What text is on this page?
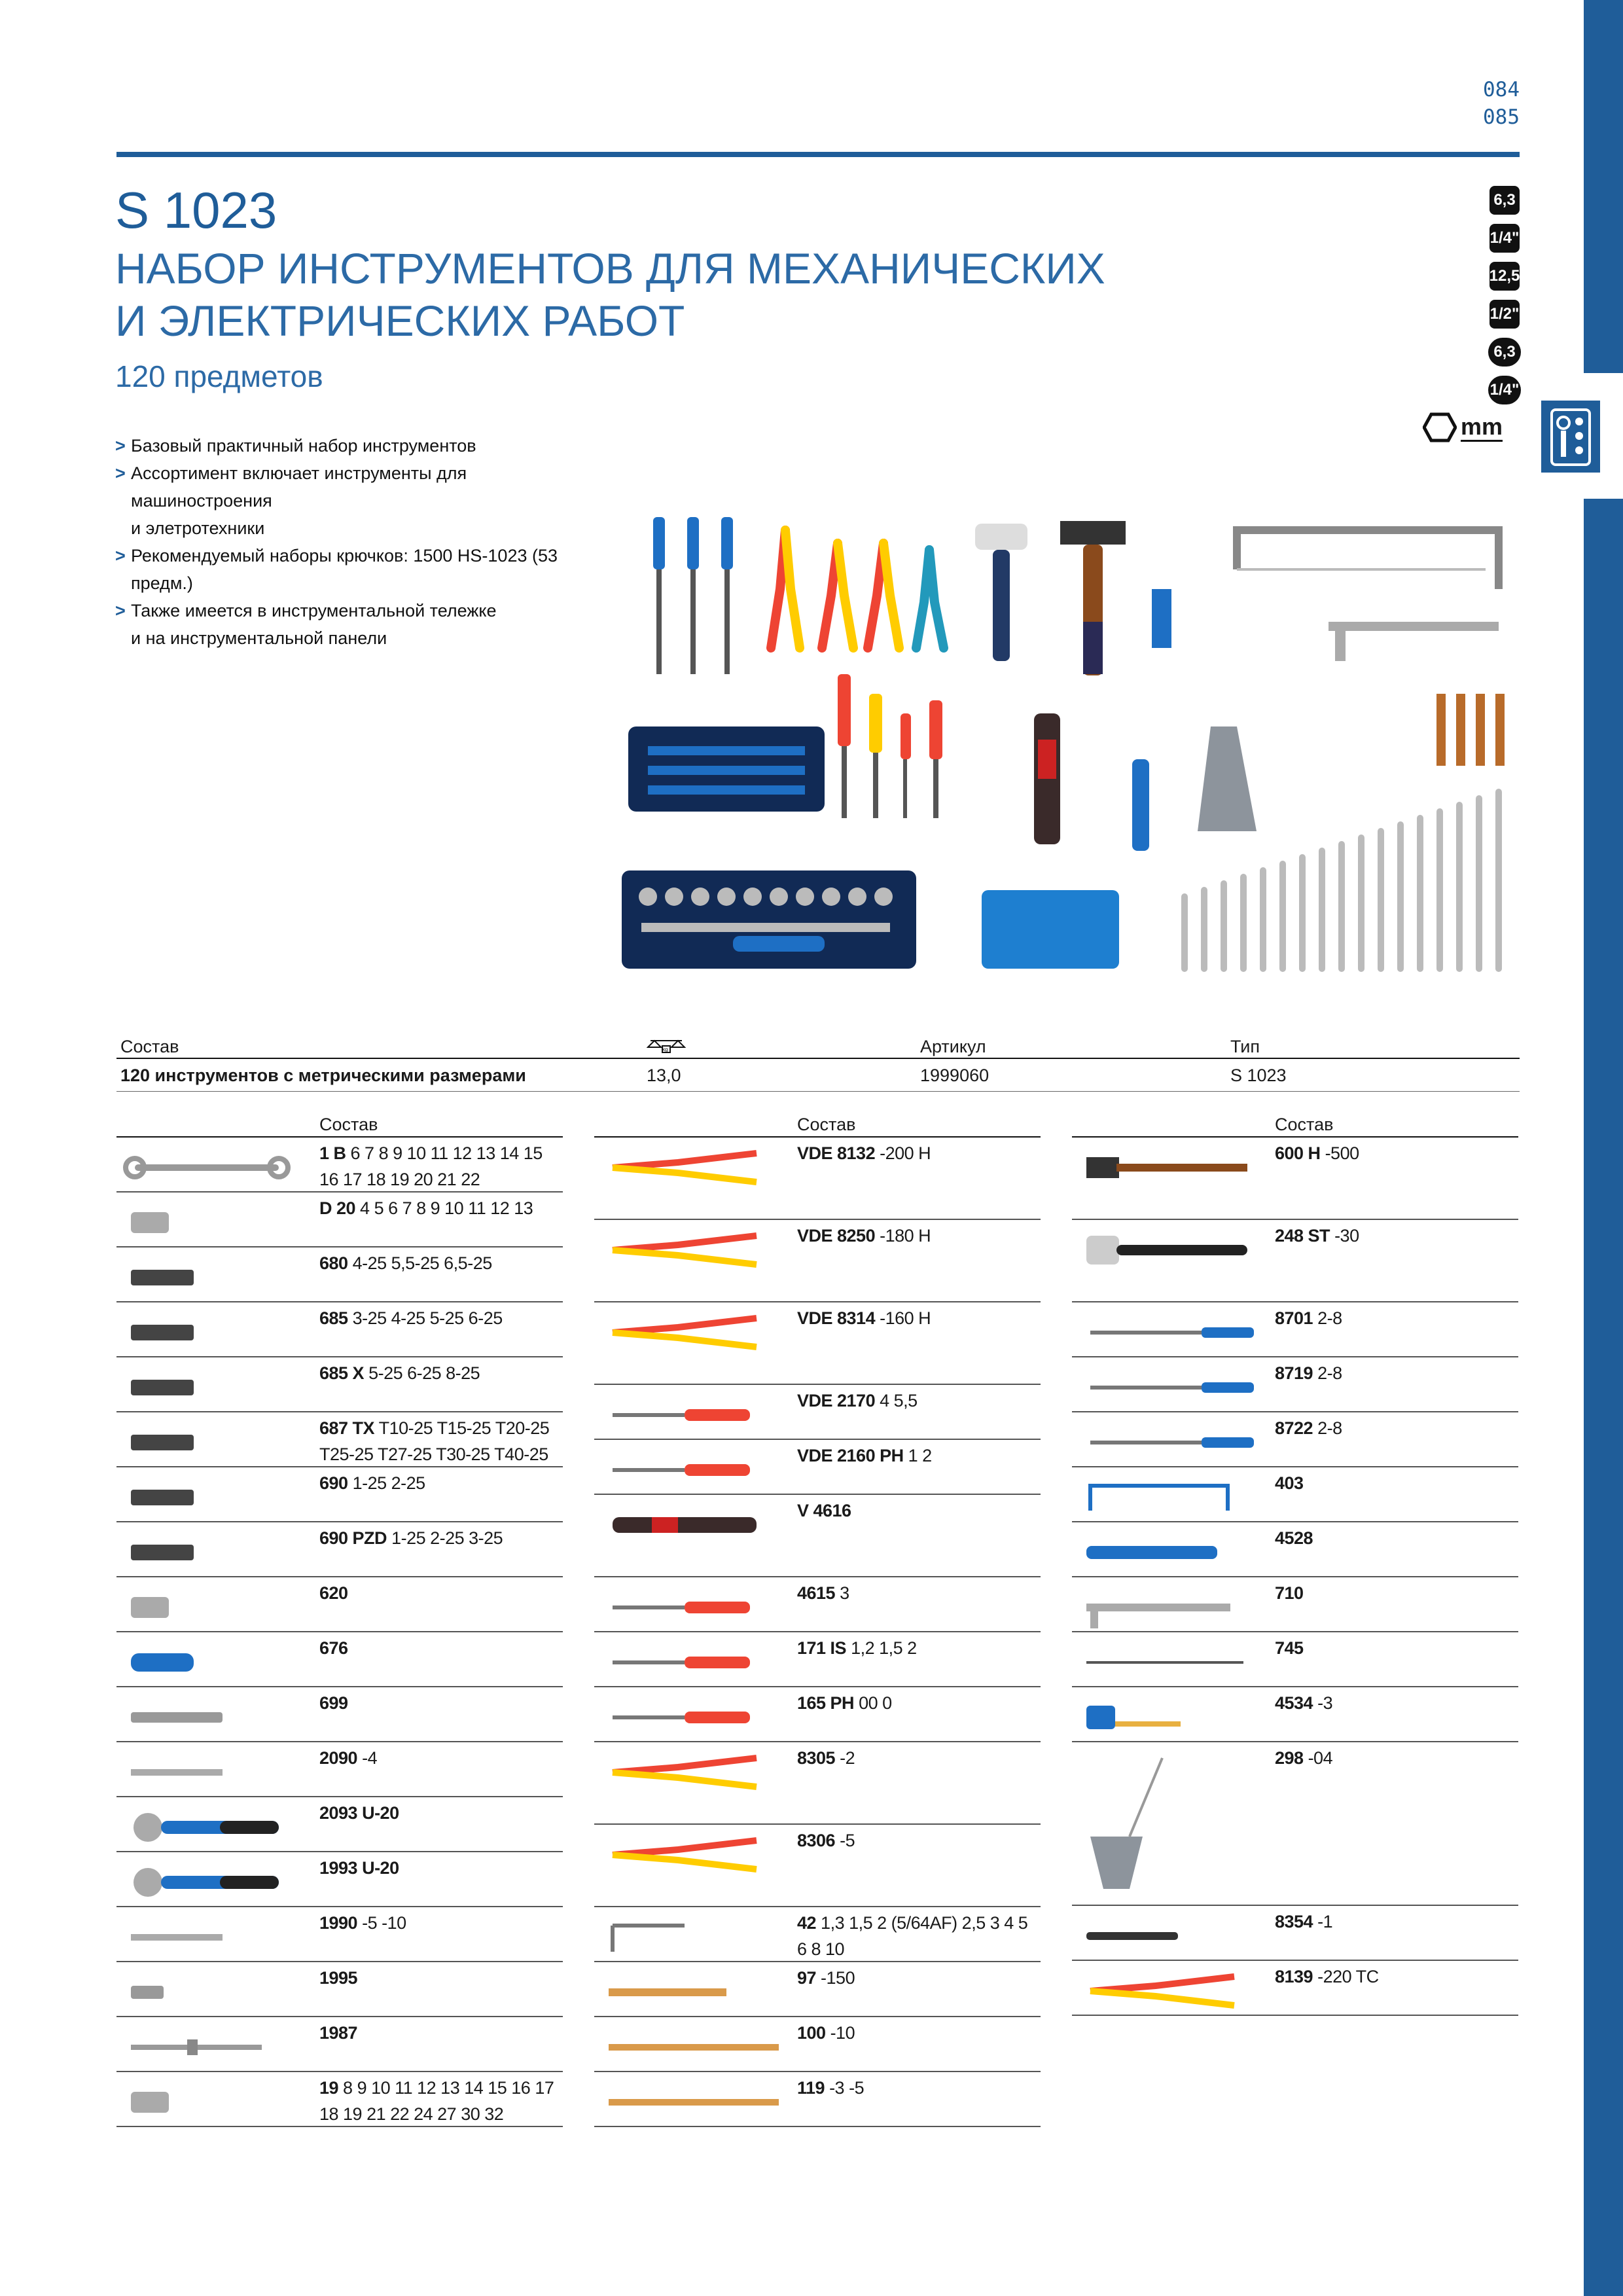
084
085
S 1023
НАБОР ИНСТРУМЕНТОВ ДЛЯ МЕХАНИЧЕСКИХ
И ЭЛЕКТРИЧЕСКИХ РАБОТ
120 предметов
6,3
1/4"
12,5
1/2"
6,3
1/4"
mm
> Базовый практичный набор инструментов
> Ассортимент включает инструменты для машиностроения
и элетротехники
> Рекомендуемый наборы крючков: 1500 HS-1023 (53 предм.)
> Также имеется в инструментальной тележке
и на инструментальной панели
Состав	kg	Артикул	Тип
120 инструментов с метрическими размерами	13,0	1999060	S 1023
Состав
1 B 6 7 8 9 10 11 12 13 14 15 16 17 18 19 20 21 22
D 20 4 5 6 7 8 9 10 11 12 13
680 4-25 5,5-25 6,5-25
685 3-25 4-25 5-25 6-25
685 X 5-25 6-25 8-25
687 TX T10-25 T15-25 T20-25 T25-25 T27-25 T30-25 T40-25
690 1-25 2-25
690 PZD 1-25 2-25 3-25
620
676
699
2090 -4
2093 U-20
1993 U-20
1990 -5 -10
1995
1987
19 8 9 10 11 12 13 14 15 16 17 18 19 21 22 24 27 30 32
Состав
VDE 8132 -200 H
VDE 8250 -180 H
VDE 8314 -160 H
VDE 2170 4 5,5
VDE 2160 PH 1 2
V 4616
4615 3
171 IS 1,2 1,5 2
165 PH 00 0
8305 -2
8306 -5
42 1,3 1,5 2 (5/64AF) 2,5 3 4 5 6 8 10
97 -150
100 -10
119 -3 -5
Состав
600 H -500
248 ST -30
8701 2-8
8719 2-8
8722 2-8
403
4528
710
745
4534 -3
298 -04
8354 -1
8139 -220 TC
